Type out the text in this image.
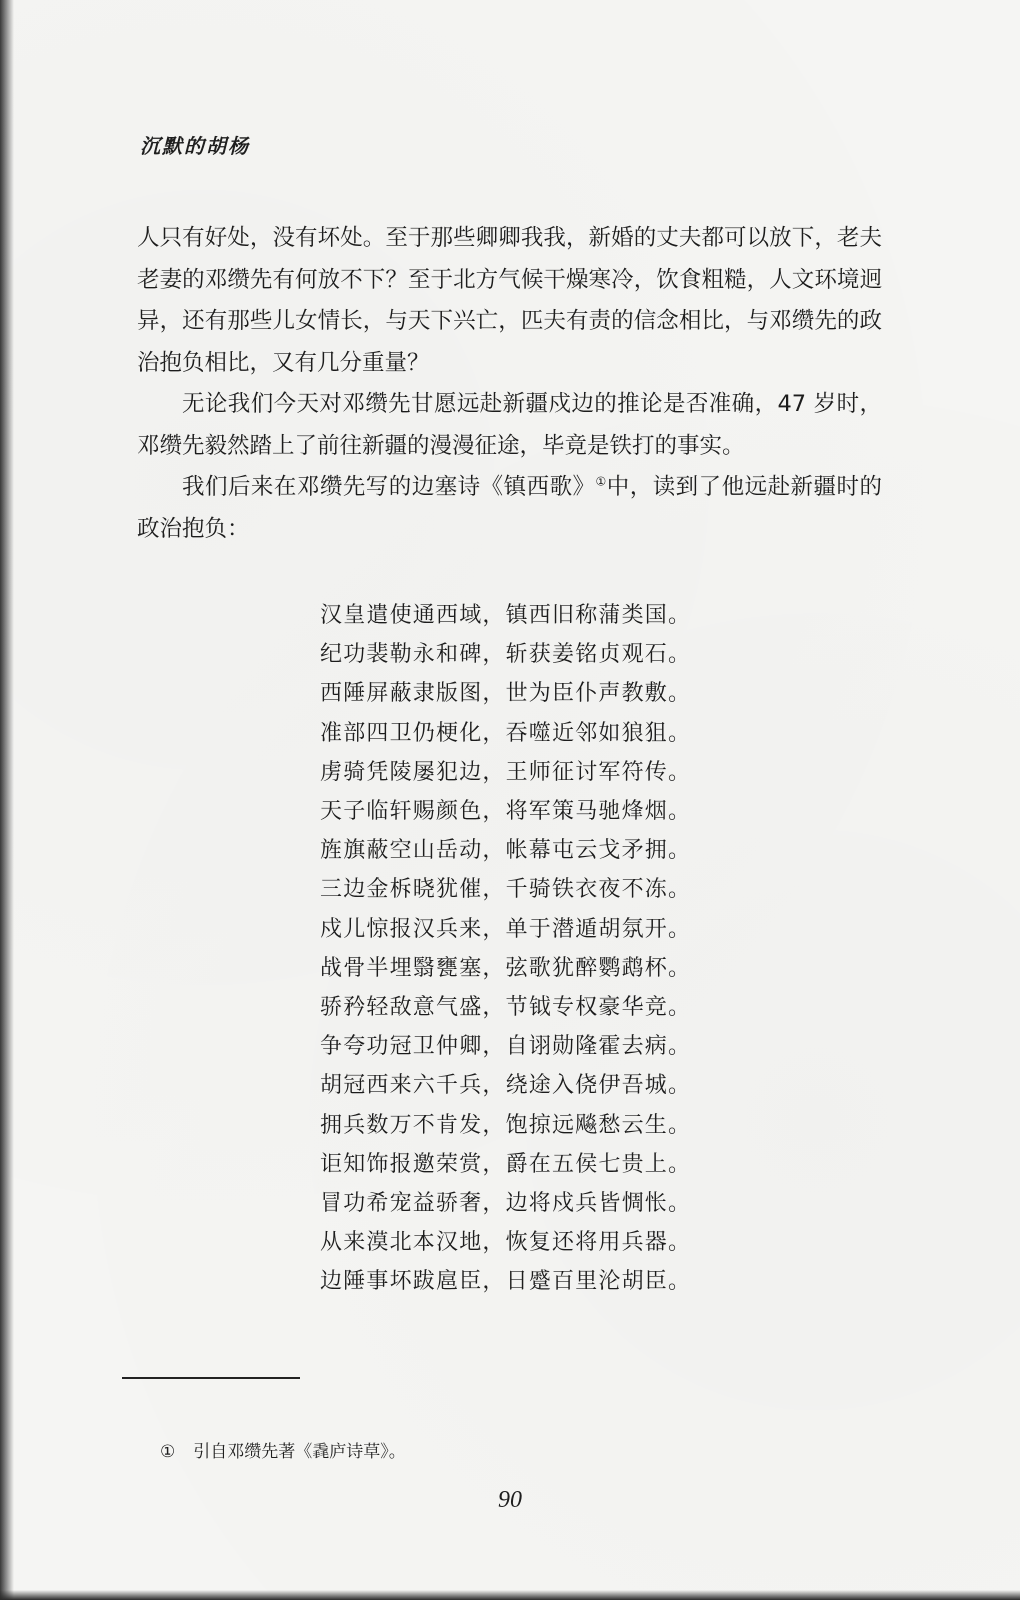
沉默的胡杨

人只有好处，没有坏处。至于那些卿卿我我，新婚的丈夫都可以放下，老夫老妻的邓缵先有何放不下？至于北方气候干燥寒冷，饮食粗糙，人文环境迥异，还有那些儿女情长，与天下兴亡，匹夫有责的信念相比，与邓缵先的政治抱负相比，又有几分重量？

无论我们今天对邓缵先甘愿远赴新疆戍边的推论是否准确，47 岁时，邓缵先毅然踏上了前往新疆的漫漫征途，毕竟是铁打的事实。

我们后来在邓缵先写的边塞诗《镇西歌》①中，读到了他远赴新疆时的政治抱负：

汉皇遣使通西域，镇西旧称蒲类国。
纪功裴勒永和碑，斩获姜铭贞观石。
西陲屏蔽隶版图，世为臣仆声教敷。
准部四卫仍梗化，吞噬近邻如狼狙。
虏骑凭陵屡犯边，王师征讨军符传。
天子临轩赐颜色，将军策马驰烽烟。
旌旗蔽空山岳动，帐幕屯云戈矛拥。
三边金柝晓犹催，千骑铁衣夜不冻。
戍儿惊报汉兵来，单于潜遁胡氛开。
战骨半埋翳甕塞，弦歌犹醉鹦鹉杯。
骄矜轻敌意气盛，节钺专权豪华竞。
争夸功冠卫仲卿，自诩勋隆霍去病。
胡冠西来六千兵，绕途入侥伊吾城。
拥兵数万不肯发，饱掠远飚愁云生。
讵知饰报邀荣赏，爵在五侯七贵上。
冒功希宠益骄奢，边将戍兵皆惆怅。
从来漠北本汉地，恢复还将用兵器。
边陲事坏跋扈臣，日蹙百里沦胡臣。
① 引自邓缵先著《毳庐诗草》。
90
